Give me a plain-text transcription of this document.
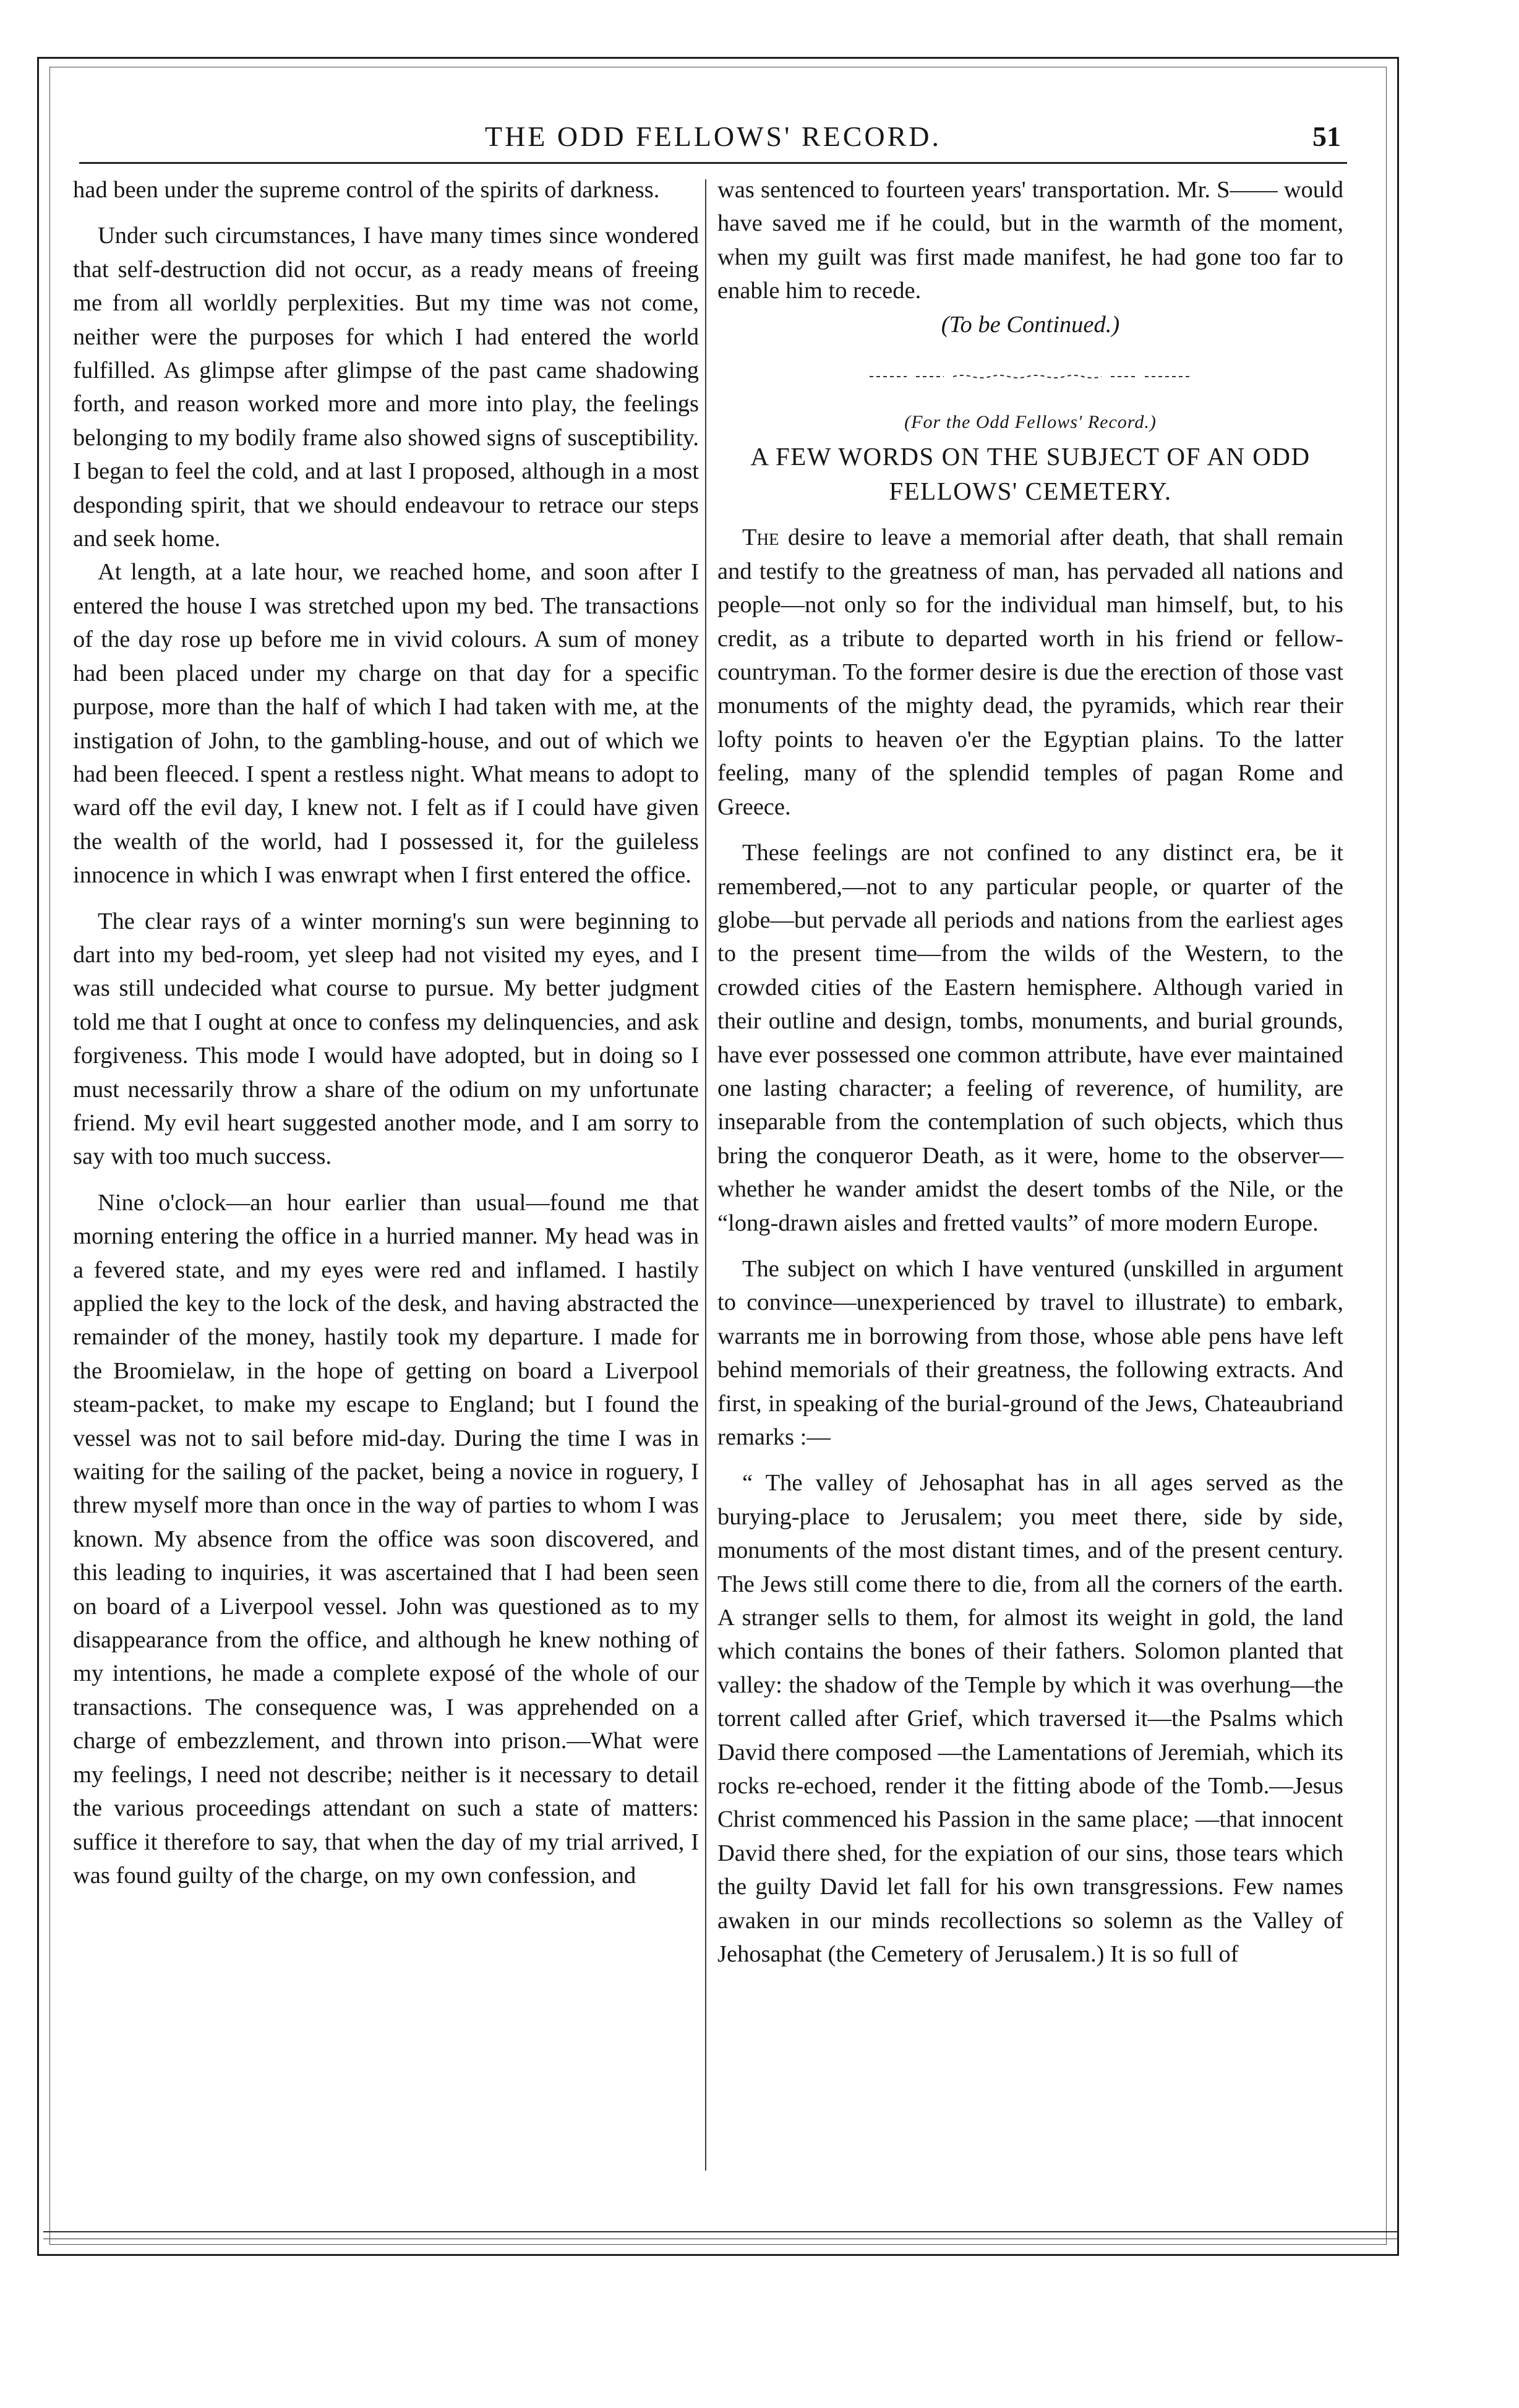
THE ODD FELLOWS' RECORD.	51

had been under the supreme control of the spirits of darkness.

Under such circumstances, I have many times since wondered that self-destruction did not occur, as a ready means of freeing me from all worldly perplexities. But my time was not come, neither were the purposes for which I had entered the world fulfilled. As glimpse after glimpse of the past came shadowing forth, and reason worked more and more into play, the feelings belonging to my bodily frame also showed signs of susceptibility. I began to feel the cold, and at last I proposed, although in a most desponding spirit, that we should endeavour to retrace our steps and seek home.

At length, at a late hour, we reached home, and soon after I entered the house I was stretched upon my bed. The transactions of the day rose up before me in vivid colours. A sum of money had been placed under my charge on that day for a specific purpose, more than the half of which I had taken with me, at the instigation of John, to the gambling-house, and out of which we had been fleeced. I spent a restless night. What means to adopt to ward off the evil day, I knew not. I felt as if I could have given the wealth of the world, had I possessed it, for the guileless innocence in which I was enwrapt when I first entered the office.

The clear rays of a winter morning's sun were beginning to dart into my bed-room, yet sleep had not visited my eyes, and I was still undecided what course to pursue. My better judgment told me that I ought at once to confess my delinquencies, and ask forgiveness. This mode I would have adopted, but in doing so I must necessarily throw a share of the odium on my unfortunate friend. My evil heart suggested another mode, and I am sorry to say with too much success.

Nine o'clock—an hour earlier than usual—found me that morning entering the office in a hurried manner. My head was in a fevered state, and my eyes were red and inflamed. I hastily applied the key to the lock of the desk, and having abstracted the remainder of the money, hastily took my departure. I made for the Broomielaw, in the hope of getting on board a Liverpool steam-packet, to make my escape to England; but I found the vessel was not to sail before mid-day. During the time I was in waiting for the sailing of the packet, being a novice in roguery, I threw myself more than once in the way of parties to whom I was known. My absence from the office was soon discovered, and this leading to inquiries, it was ascertained that I had been seen on board of a Liverpool vessel. John was questioned as to my disappearance from the office, and although he knew nothing of my intentions, he made a complete exposé of the whole of our transactions. The consequence was, I was apprehended on a charge of embezzlement, and thrown into prison.—What were my feelings, I need not describe; neither is it necessary to detail the various proceedings attendant on such a state of matters: suffice it therefore to say, that when the day of my trial arrived, I was found guilty of the charge, on my own confession, and

was sentenced to fourteen years' transportation. Mr. S—— would have saved me if he could, but in the warmth of the moment, when my guilt was first made manifest, he had gone too far to enable him to recede.

(To be Continued.)

(For the Odd Fellows' Record.)

A FEW WORDS ON THE SUBJECT OF AN ODD FELLOWS' CEMETERY.

The desire to leave a memorial after death, that shall remain and testify to the greatness of man, has pervaded all nations and people—not only so for the individual man himself, but, to his credit, as a tribute to departed worth in his friend or fellow-countryman. To the former desire is due the erection of those vast monuments of the mighty dead, the pyramids, which rear their lofty points to heaven o'er the Egyptian plains. To the latter feeling, many of the splendid temples of pagan Rome and Greece.

These feelings are not confined to any distinct era, be it remembered,—not to any particular people, or quarter of the globe—but pervade all periods and nations from the earliest ages to the present time—from the wilds of the Western, to the crowded cities of the Eastern hemisphere. Although varied in their outline and design, tombs, monuments, and burial grounds, have ever possessed one common attribute, have ever maintained one lasting character; a feeling of reverence, of humility, are inseparable from the contemplation of such objects, which thus bring the conqueror Death, as it were, home to the observer—whether he wander amidst the desert tombs of the Nile, or the “long-drawn aisles and fretted vaults” of more modern Europe.

The subject on which I have ventured (unskilled in argument to convince—unexperienced by travel to illustrate) to embark, warrants me in borrowing from those, whose able pens have left behind memorials of their greatness, the following extracts. And first, in speaking of the burial-ground of the Jews, Chateaubriand remarks :—

“ The valley of Jehosaphat has in all ages served as the burying-place to Jerusalem; you meet there, side by side, monuments of the most distant times, and of the present century. The Jews still come there to die, from all the corners of the earth. A stranger sells to them, for almost its weight in gold, the land which contains the bones of their fathers. Solomon planted that valley: the shadow of the Temple by which it was overhung—the torrent called after Grief, which traversed it—the Psalms which David there composed —the Lamentations of Jeremiah, which its rocks re-echoed, render it the fitting abode of the Tomb.—Jesus Christ commenced his Passion in the same place; —that innocent David there shed, for the expiation of our sins, those tears which the guilty David let fall for his own transgressions. Few names awaken in our minds recollections so solemn as the Valley of Jehosaphat (the Cemetery of Jerusalem.) It is so full of
